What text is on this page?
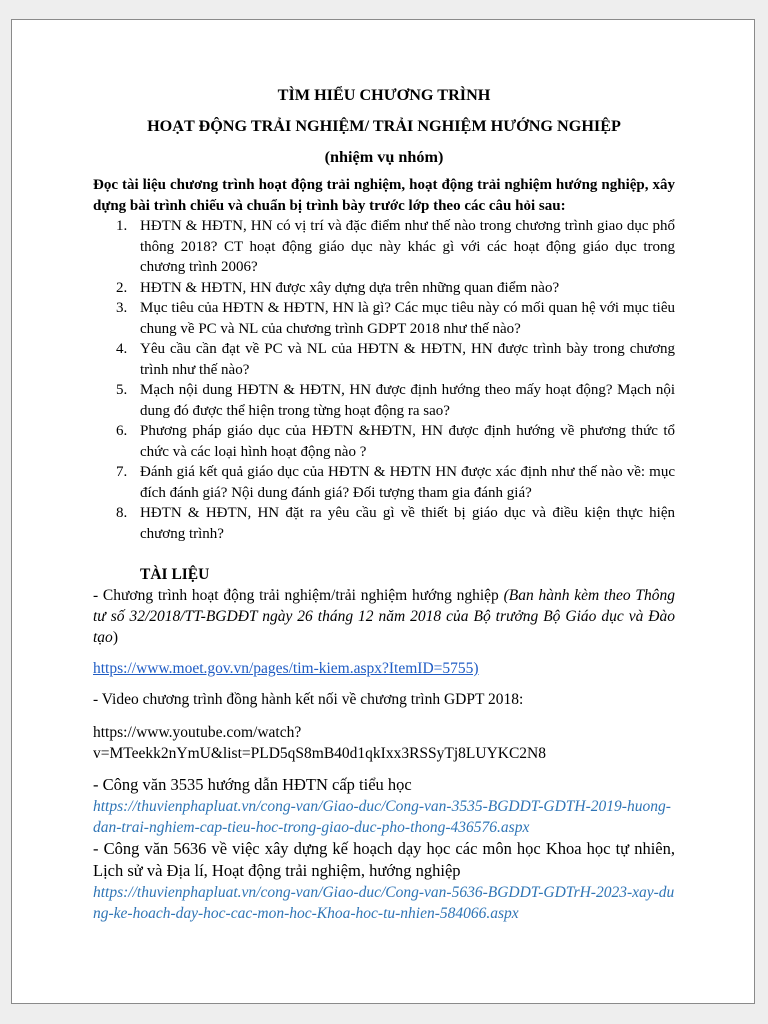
TÌM HIỂU CHƯƠNG TRÌNH
HOẠT ĐỘNG TRẢI NGHIỆM/ TRẢI NGHIỆM HƯỚNG NGHIỆP
(nhiệm vụ nhóm)
Đọc tài liệu chương trình hoạt động trải nghiệm, hoạt động trải nghiệm hướng nghiệp, xây dựng bài trình chiếu và chuẩn bị trình bày trước lớp theo các câu hỏi sau:
1. HĐTN & HĐTN, HN có vị trí và đặc điểm như thế nào trong chương trình giao dục phổ thông 2018? CT hoạt động giáo dục này khác gì với các hoạt động giáo dục trong chương trình 2006?
2. HĐTN & HĐTN, HN được xây dựng dựa trên những quan điểm nào?
3. Mục tiêu của HĐTN & HĐTN, HN là gì? Các mục tiêu này có mối quan hệ với mục tiêu chung về PC và NL của chương trình GDPT 2018 như thế nào?
4. Yêu cầu cần đạt về PC và NL của HĐTN & HĐTN, HN được trình bày trong chương trình như thế nào?
5. Mạch nội dung HĐTN & HĐTN, HN được định hướng theo mấy hoạt động? Mạch nội dung đó được thể hiện trong từng hoạt động ra sao?
6. Phương pháp giáo dục của HĐTN &HĐTN, HN được định hướng về phương thức tổ chức và các loại hình hoạt động nào ?
7. Đánh giá kết quả giáo dục của HĐTN & HĐTN HN được xác định như thế nào về: mục đích đánh giá? Nội dung đánh giá? Đối tượng tham gia đánh giá?
8. HĐTN & HĐTN, HN đặt ra yêu cầu gì về thiết bị giáo dục và điều kiện thực hiện chương trình?
TÀI LIỆU
- Chương trình hoạt động trải nghiệm/trải nghiệm hướng nghiệp (Ban hành kèm theo Thông tư số 32/2018/TT-BGDĐT ngày 26 tháng 12 năm 2018 của Bộ trưởng Bộ Giáo dục và Đào tạo)
https://www.moet.gov.vn/pages/tim-kiem.aspx?ItemID=5755)
- Video chương trình đồng hành kết nối về chương trình GDPT 2018:
https://www.youtube.com/watch?
v=MTeekk2nYmU&list=PLD5qS8mB40d1qkIxx3RSSyTj8LUYKC2N8
- Công văn 3535 hướng dẫn HĐTN cấp tiểu học
https://thuvienphapluat.vn/cong-van/Giao-duc/Cong-van-3535-BGDDT-GDTH-2019-huong-dan-trai-nghiem-cap-tieu-hoc-trong-giao-duc-pho-thong-436576.aspx
- Công văn 5636 về việc xây dựng kế hoạch dạy học các môn học Khoa học tự nhiên, Lịch sử và Địa lí, Hoạt động trải nghiệm, hướng nghiệp
https://thuvienphapluat.vn/cong-van/Giao-duc/Cong-van-5636-BGDDT-GDTrH-2023-xay-dung-ke-hoach-day-hoc-cac-mon-hoc-Khoa-hoc-tu-nhien-584066.aspx
